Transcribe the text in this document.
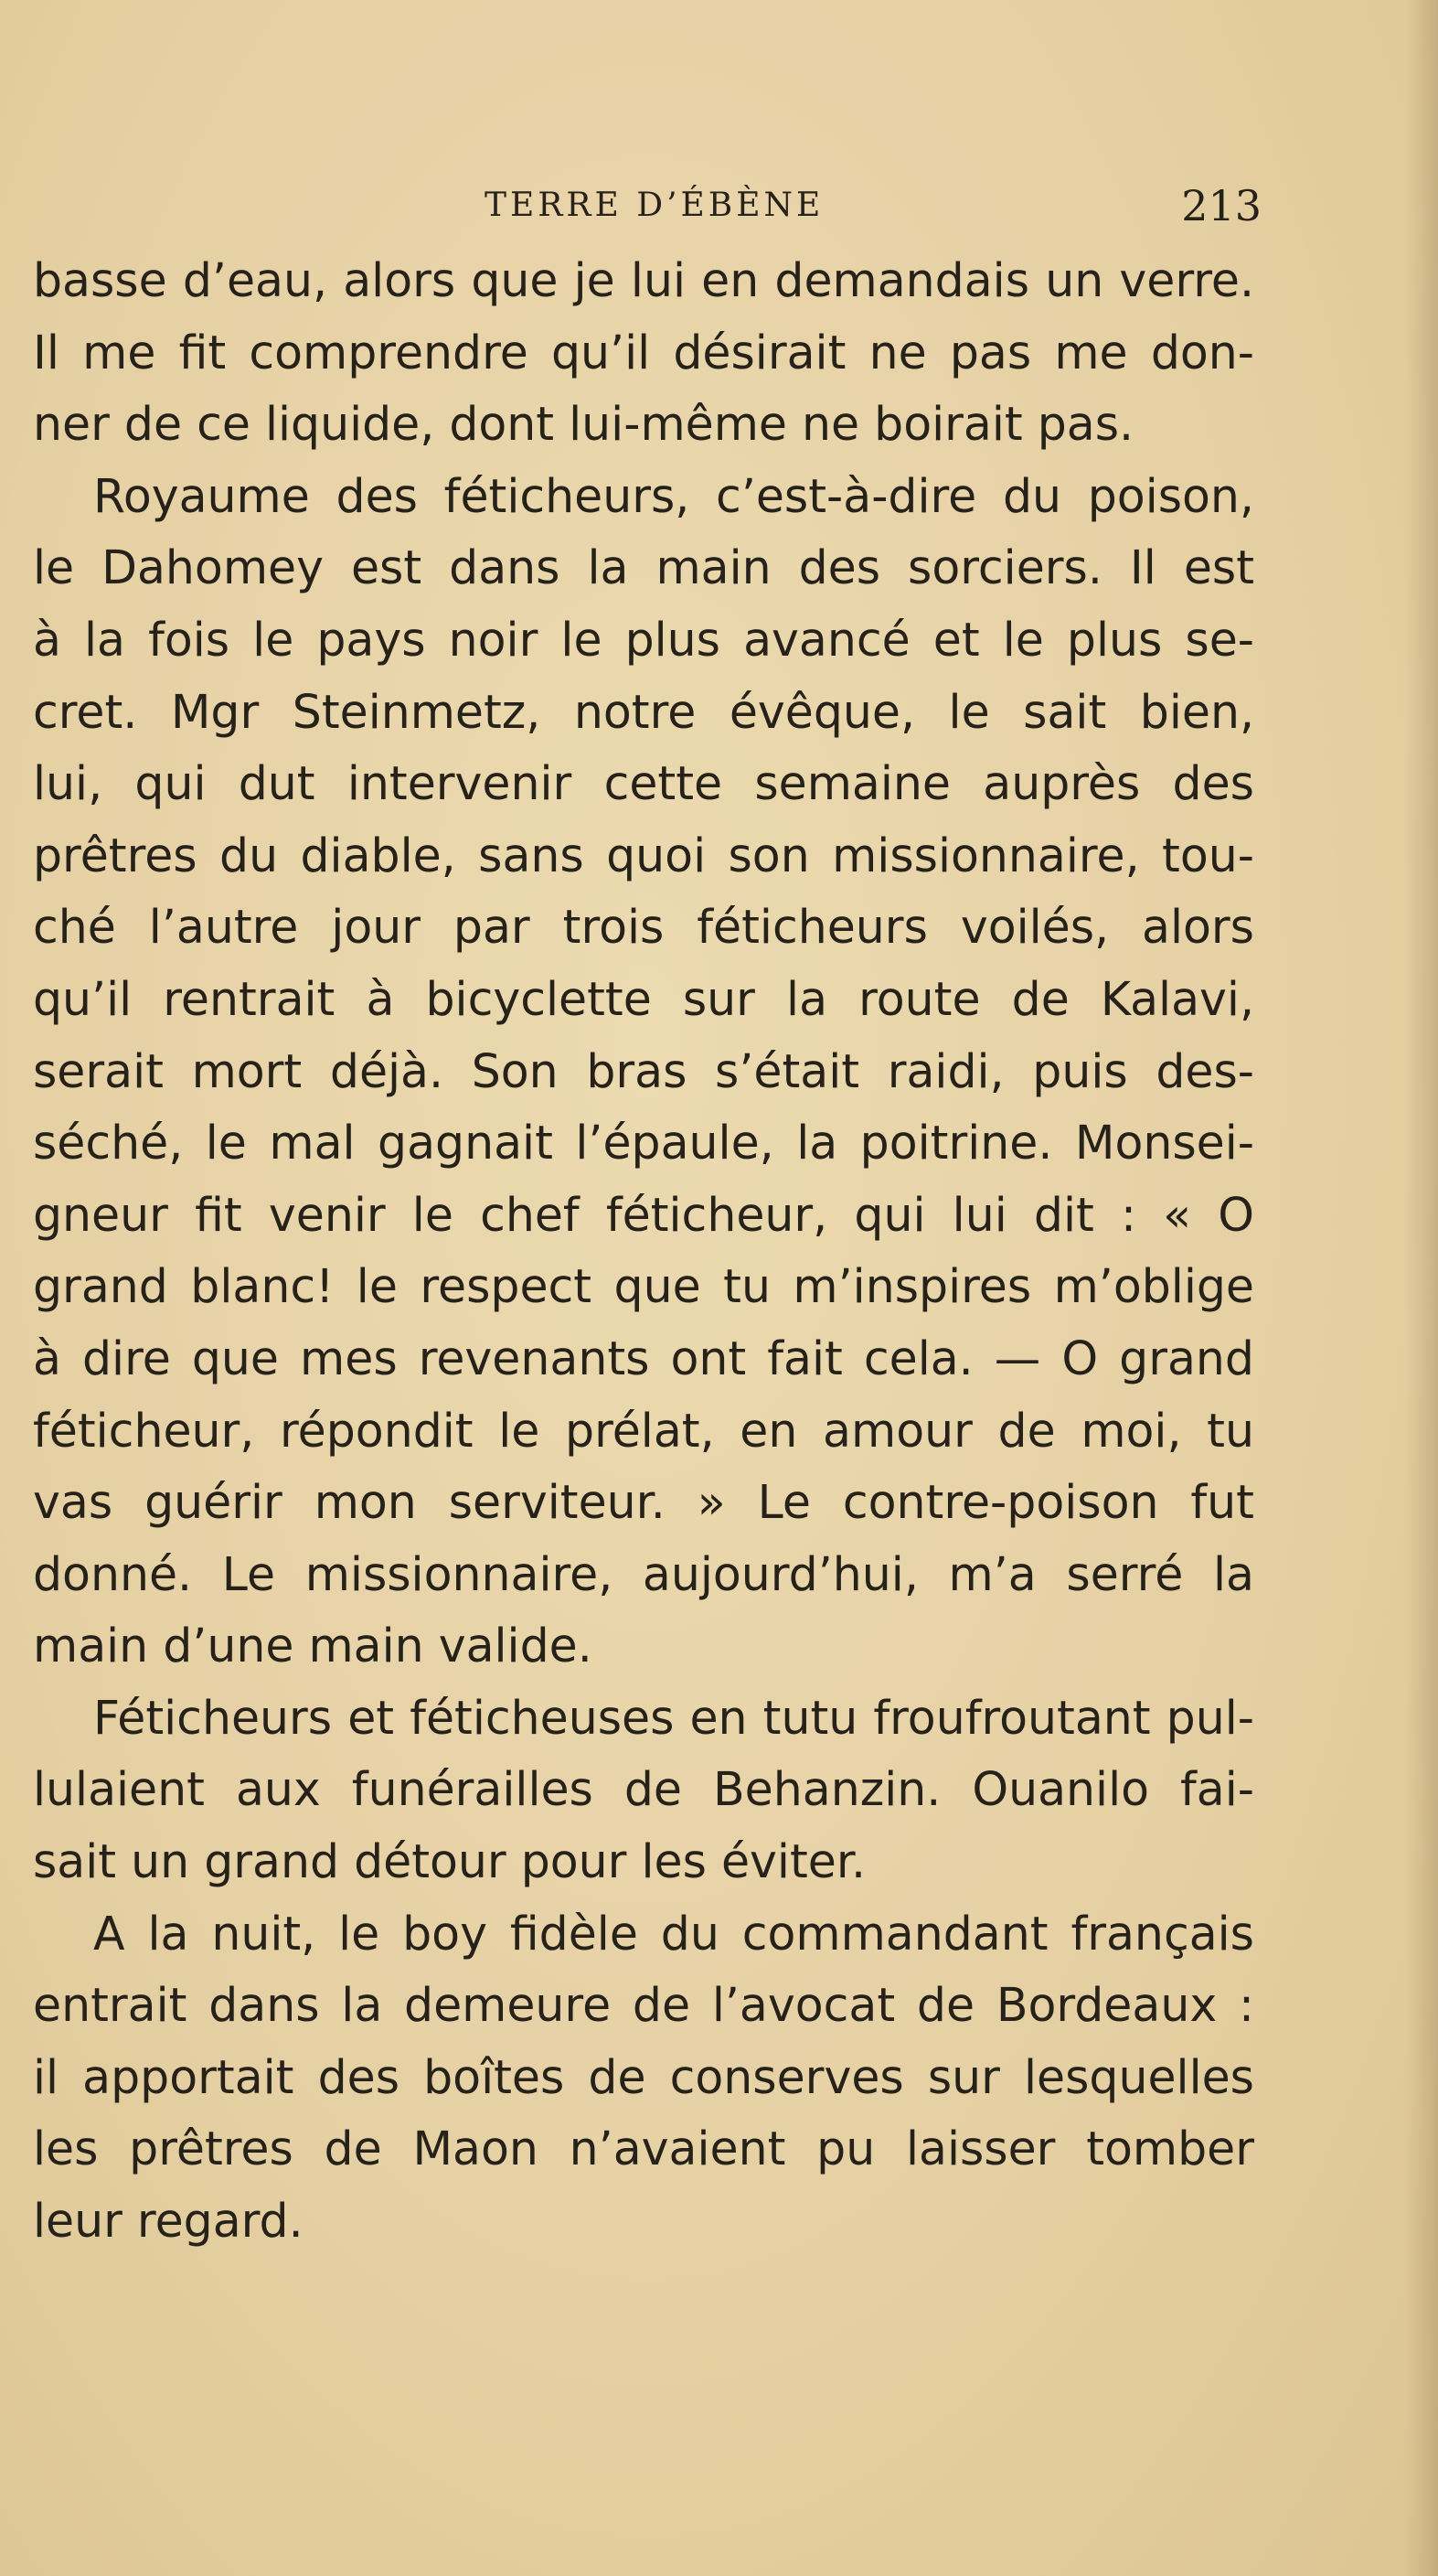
TERRE D’ÉBÈNE	213
basse d’eau, alors que je lui en demandais un verre.
Il me fit comprendre qu’il désirait ne pas me don-
ner de ce liquide, dont lui-même ne boirait pas.
Royaume des féticheurs, c’est-à-dire du poison,
le Dahomey est dans la main des sorciers. Il est
à la fois le pays noir le plus avancé et le plus se-
cret. Mgr Steinmetz, notre évêque, le sait bien,
lui, qui dut intervenir cette semaine auprès des
prêtres du diable, sans quoi son missionnaire, tou-
ché l’autre jour par trois féticheurs voilés, alors
qu’il rentrait à bicyclette sur la route de Kalavi,
serait mort déjà. Son bras s’était raidi, puis des-
séché, le mal gagnait l’épaule, la poitrine. Monsei-
gneur fit venir le chef féticheur, qui lui dit : « O
grand blanc! le respect que tu m’inspires m’oblige
à dire que mes revenants ont fait cela. — O grand
féticheur, répondit le prélat, en amour de moi, tu
vas guérir mon serviteur. » Le contre-poison fut
donné. Le missionnaire, aujourd’hui, m’a serré la
main d’une main valide.
Féticheurs et féticheuses en tutu froufroutant pul-
lulaient aux funérailles de Behanzin. Ouanilo fai-
sait un grand détour pour les éviter.
A la nuit, le boy fidèle du commandant français
entrait dans la demeure de l’avocat de Bordeaux :
il apportait des boîtes de conserves sur lesquelles
les prêtres de Maon n’avaient pu laisser tomber
leur regard.
